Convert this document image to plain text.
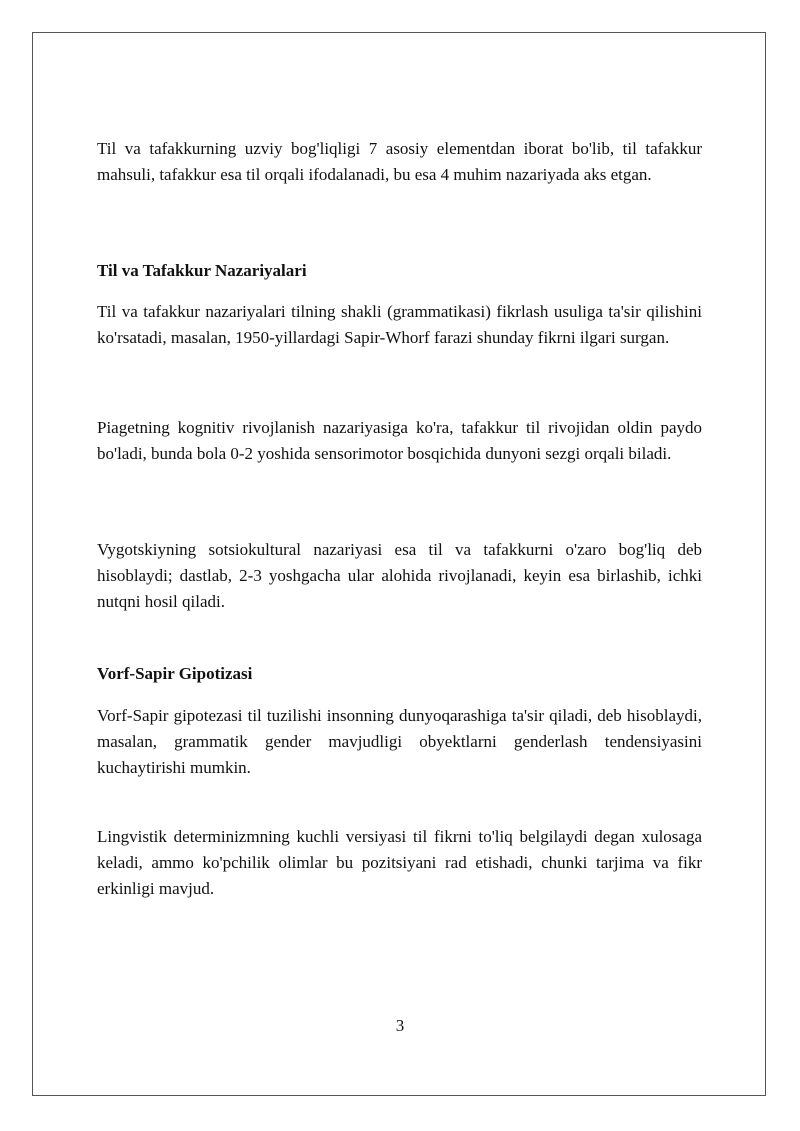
Til va tafakkurning uzviy bog'liqligi 7 asosiy elementdan iborat bo'lib, til tafakkur mahsuli, tafakkur esa til orqali ifodalanadi, bu esa 4 muhim nazariyada aks etgan.

Til va Tafakkur Nazariyalari

Til va tafakkur nazariyalari tilning shakli (grammatikasi) fikrlash usuliga ta'sir qilishini ko'rsatadi, masalan, 1950-yillardagi Sapir-Whorf farazi shunday fikrni ilgari surgan.

Piagetning kognitiv rivojlanish nazariyasiga ko'ra, tafakkur til rivojidan oldin paydo bo'ladi, bunda bola 0-2 yoshida sensorimotor bosqichida dunyoni sezgi orqali biladi.

Vygotskiyning sotsiokultural nazariyasi esa til va tafakkurni o'zaro bog'liq deb hisoblaydi; dastlab, 2-3 yoshgacha ular alohida rivojlanadi, keyin esa birlashib, ichki nutqni hosil qiladi.

Vorf-Sapir Gipotizasi

Vorf-Sapir gipotezasi til tuzilishi insonning dunyoqarashiga ta'sir qiladi, deb hisoblaydi, masalan, grammatik gender mavjudligi obyektlarni genderlash tendensiyasini kuchaytirishi mumkin.

Lingvistik determinizmning kuchli versiyasi til fikrni to'liq belgilaydi degan xulosaga keladi, ammo ko'pchilik olimlar bu pozitsiyani rad etishadi, chunki tarjima va fikr erkinligi mavjud.

3
